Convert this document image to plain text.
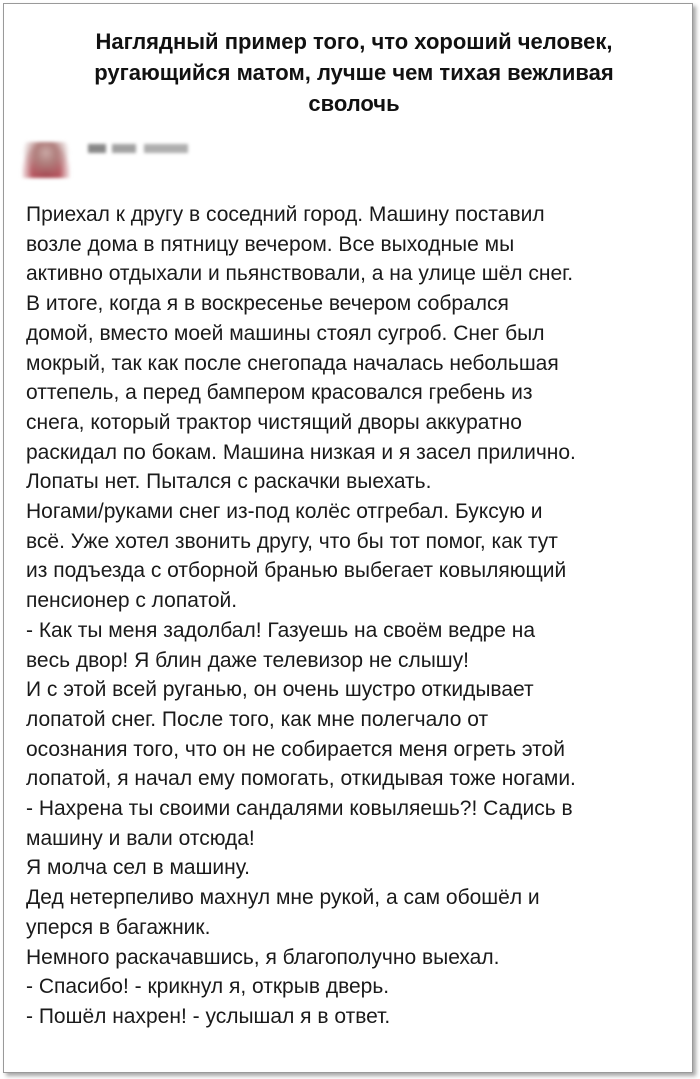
Наглядный пример того, что хороший человек,
ругающийся матом, лучше чем тихая вежливая
сволочь
Приехал к другу в соседний город. Машину поставил
возле дома в пятницу вечером. Все выходные мы
активно отдыхали и пьянствовали, а на улице шёл снег.
В итоге, когда я в воскресенье вечером собрался
домой, вместо моей машины стоял сугроб. Снег был
мокрый, так как после снегопада началась небольшая
оттепель, а перед бампером красовался гребень из
снега, который трактор чистящий дворы аккуратно
раскидал по бокам. Машина низкая и я засел прилично.
Лопаты нет. Пытался с раскачки выехать.
Ногами/руками снег из-под колёс отгребал. Буксую и
всё. Уже хотел звонить другу, что бы тот помог, как тут
из подъезда с отборной бранью выбегает ковыляющий
пенсионер с лопатой.
- Как ты меня задолбал! Газуешь на своём ведре на
весь двор! Я блин даже телевизор не слышу!
И с этой всей руганью, он очень шустро откидывает
лопатой снег. После того, как мне полегчало от
осознания того, что он не собирается меня огреть этой
лопатой, я начал ему помогать, откидывая тоже ногами.
- Нахрена ты своими сандалями ковыляешь?! Садись в
машину и вали отсюда!
Я молча сел в машину.
Дед нетерпеливо махнул мне рукой, а сам обошёл и
уперся в багажник.
Немного раскачавшись, я благополучно выехал.
- Спасибо! - крикнул я, открыв дверь.
- Пошёл нахрен! - услышал я в ответ.
